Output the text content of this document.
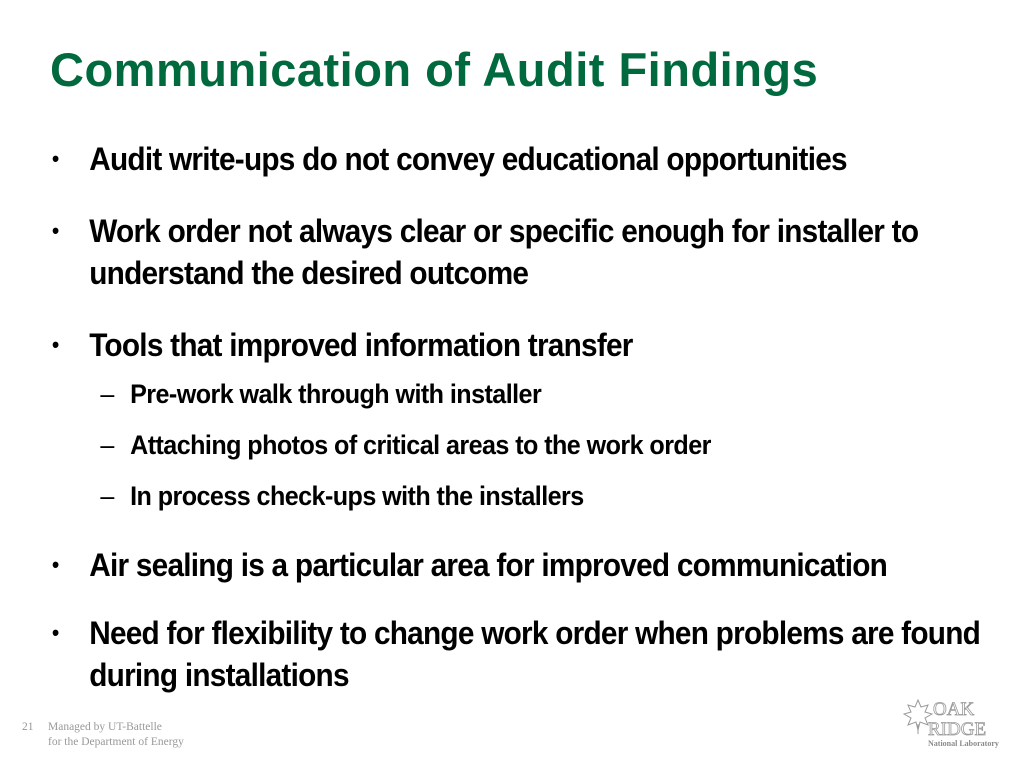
Communication of Audit Findings
• Audit write-ups do not convey educational opportunities
• Work order not always clear or specific enough for installer to understand the desired outcome
• Tools that improved information transfer
– Pre-work walk through with installer
– Attaching photos of critical areas to the work order
– In process check-ups with the installers
• Air sealing is a particular area for improved communication
• Need for flexibility to change work order when problems are found during installations
21 Managed by UT-Battelle
for the Department of Energy
OAK
RIDGE
National Laboratory
